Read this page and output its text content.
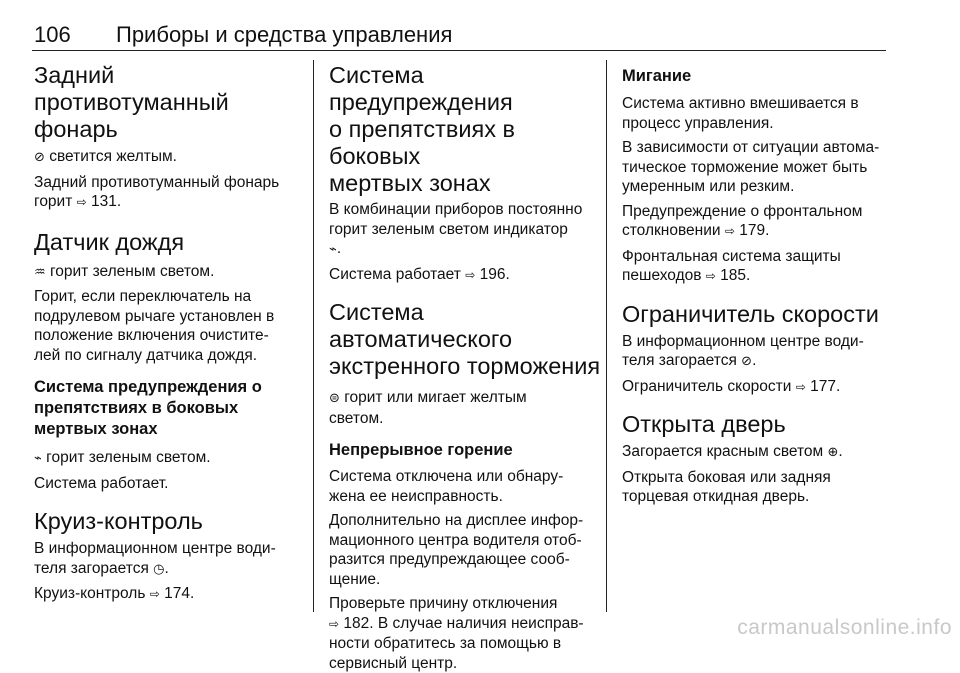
106 Приборы и средства управления
Задний противотуманный
фонарь

⊘ светится желтым.

Задний противотуманный фонарь
горит ⇨ 131.

Датчик дождя

♒ горит зеленым светом.

Горит, если переключатель на
подрулевом рычаге установлен в
положение включения очистите-
лей по сигналу датчика дождя.

Система предупреждения о
препятствиях в боковых
мертвых зонах

⌁ горит зеленым светом.

Система работает.

Круиз-контроль

В информационном центре води-
теля загорается ◷.

Круиз-контроль ⇨ 174.

Система предупреждения
о препятствиях в боковых
мертвых зонах

В комбинации приборов постоянно
горит зеленым светом индикатор
⌁.

Система работает ⇨ 196.

Система автоматического
экстренного торможения

⊜ горит или мигает желтым
светом.

Непрерывное горение

Система отключена или обнару-
жена ее неисправность.

Дополнительно на дисплее инфор-
мационного центра водителя отоб-
разится предупреждающее сооб-
щение.

Проверьте причину отключения
⇨ 182. В случае наличия неисправ-
ности обратитесь за помощью в
сервисный центр.

Мигание

Система активно вмешивается в
процесс управления.

В зависимости от ситуации автома-
тическое торможение может быть
умеренным или резким.

Предупреждение о фронтальном
столкновении ⇨ 179.

Фронтальная система защиты
пешеходов ⇨ 185.

Ограничитель скорости

В информационном центре води-
теля загорается ⊘.

Ограничитель скорости ⇨ 177.

Открыта дверь

Загорается красным светом ⊕.

Открыта боковая или задняя
торцевая откидная дверь.

carmanualsonline.info
